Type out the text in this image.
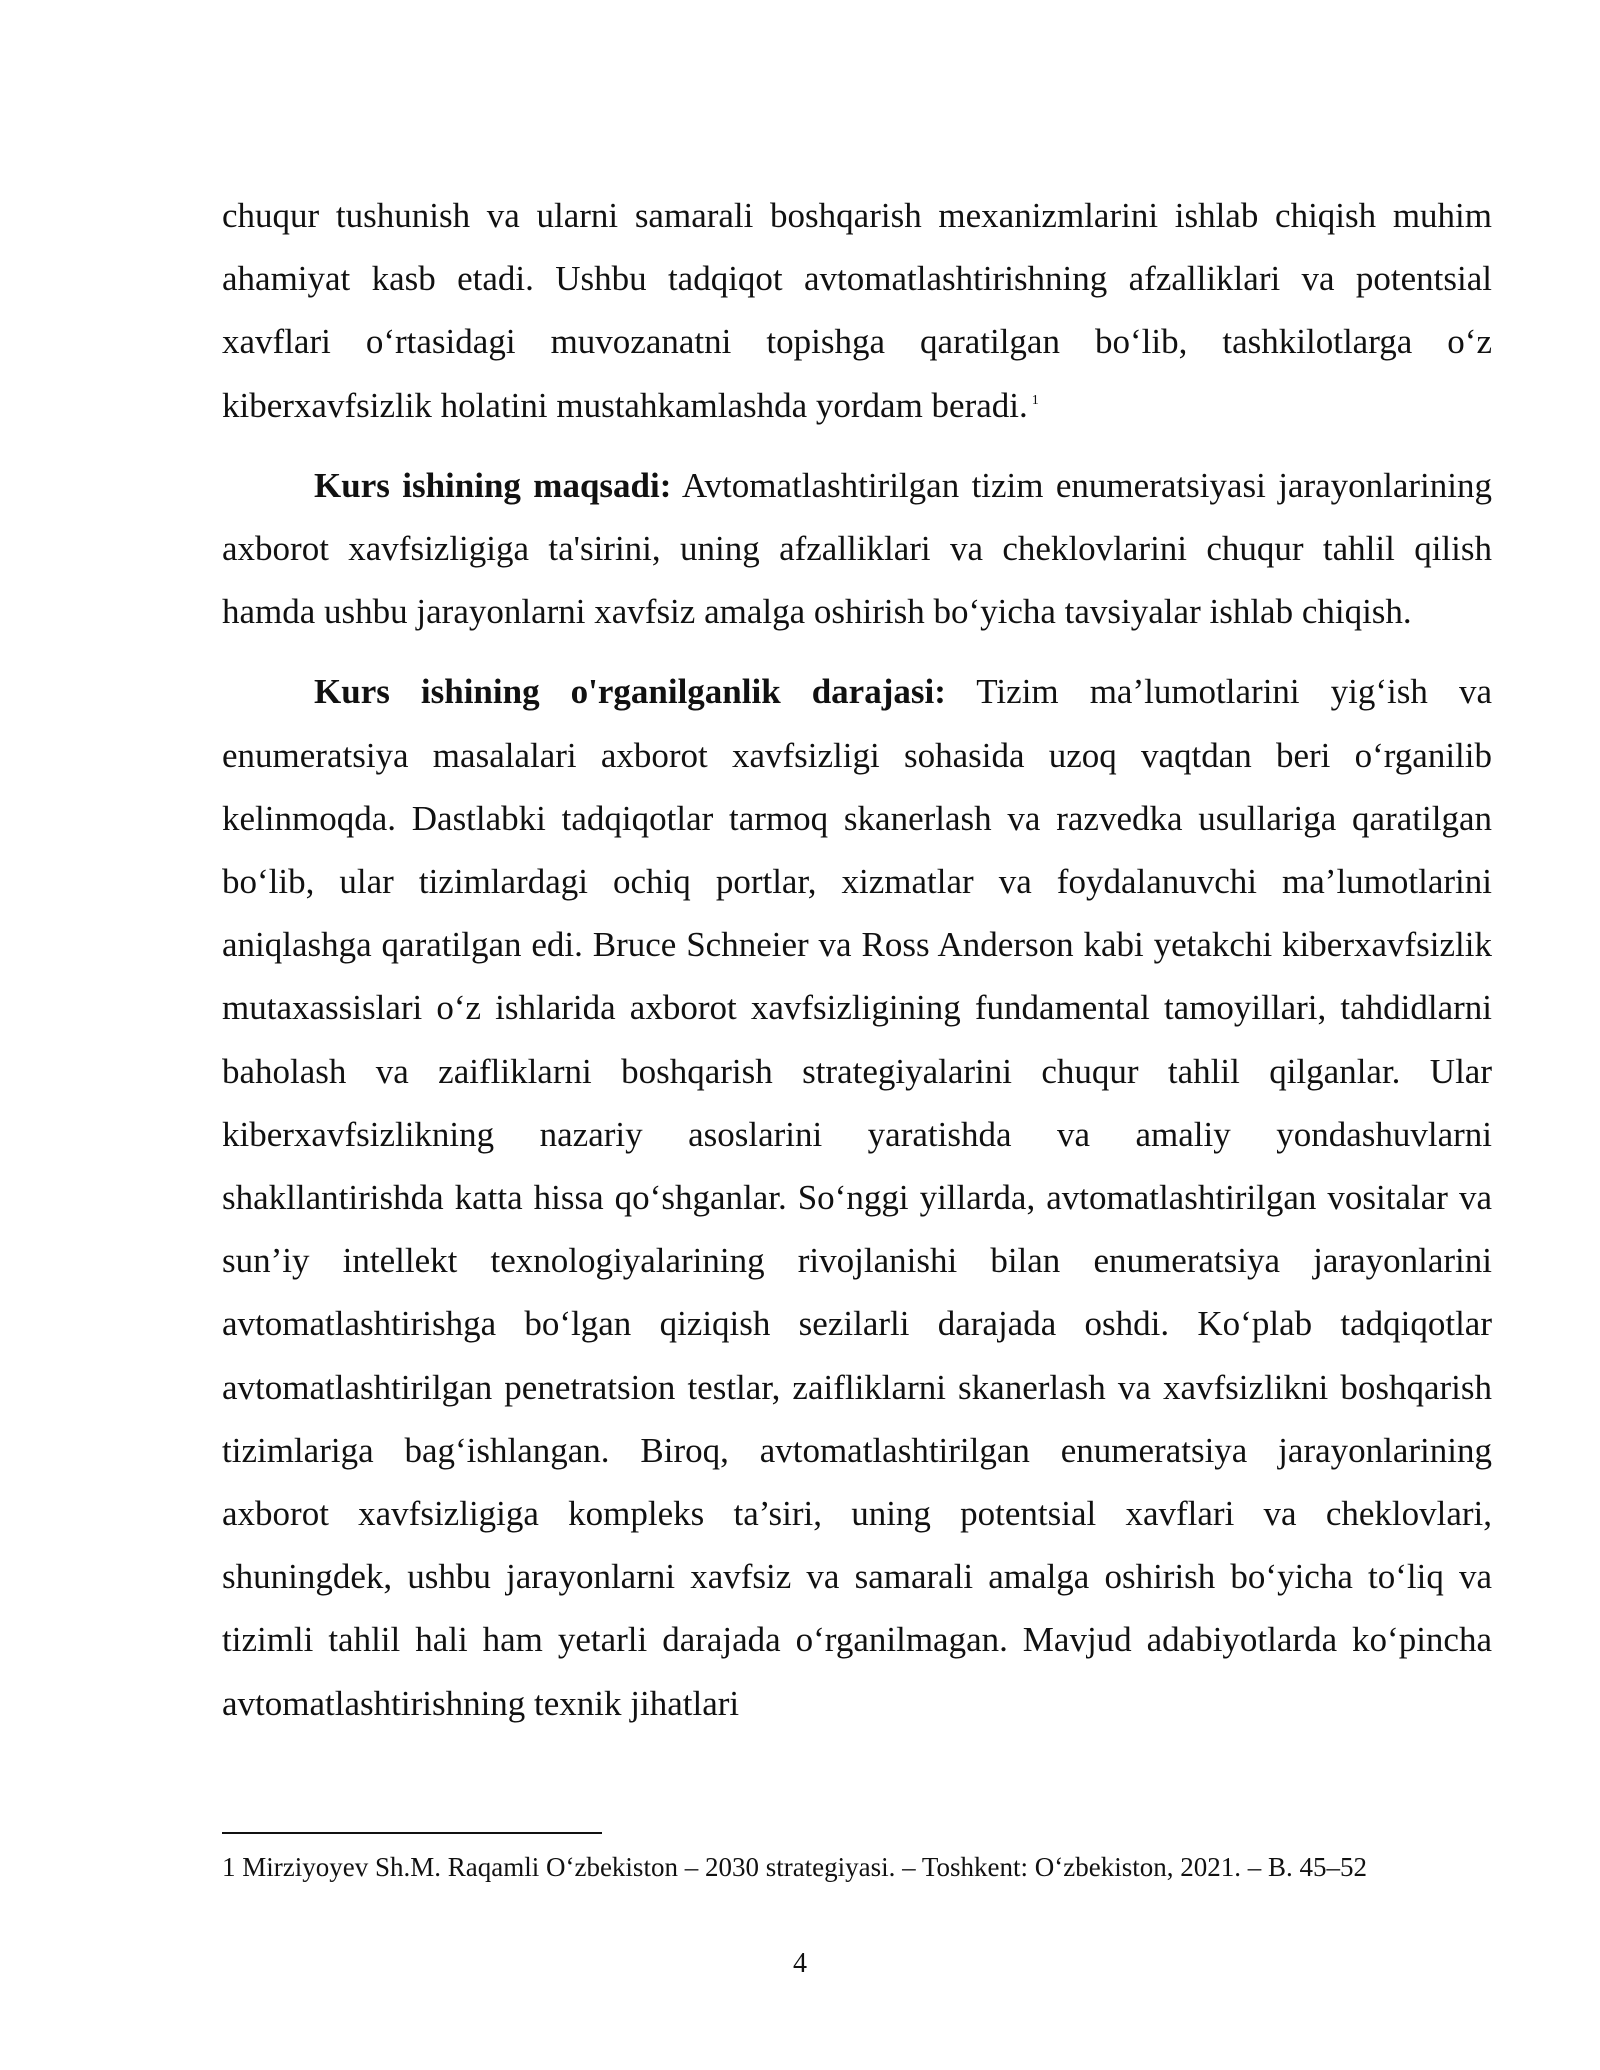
chuqur tushunish va ularni samarali boshqarish mexanizmlarini ishlab chiqish muhim ahamiyat kasb etadi. Ushbu tadqiqot avtomatlashtirishning afzalliklari va potentsial xavflari o‘rtasidagi muvozanatni topishga qaratilgan bo‘lib, tashkilotlarga o‘z kiberxavfsizlik holatini mustahkamlashda yordam beradi. $^1$

Kurs ishining maqsadi: Avtomatlashtirilgan tizim enumeratsiyasi jarayonlarining axborot xavfsizligiga ta'sirini, uning afzalliklari va cheklovlarini chuqur tahlil qilish hamda ushbu jarayonlarni xavfsiz amalga oshirish bo‘yicha tavsiyalar ishlab chiqish.

Kurs ishining o'rganilganlik darajasi: Tizim ma’lumotlarini yig‘ish va enumeratsiya masalalari axborot xavfsizligi sohasida uzoq vaqtdan beri o‘rganilib kelinmoqda. Dastlabki tadqiqotlar tarmoq skanerlash va razvedka usullariga qaratilgan bo‘lib, ular tizimlardagi ochiq portlar, xizmatlar va foydalanuvchi ma’lumotlarini aniqlashga qaratilgan edi. Bruce Schneier va Ross Anderson kabi yetakchi kiberxavfsizlik mutaxassislari o‘z ishlarida axborot xavfsizligining fundamental tamoyillari, tahdidlarni baholash va zaifliklarni boshqarish strategiyalarini chuqur tahlil qilganlar. Ular kiberxavfsizlikning nazariy asoslarini yaratishda va amaliy yondashuvlarni shakllantirishda katta hissa qo‘shganlar. So‘nggi yillarda, avtomatlashtirilgan vositalar va sun’iy intellekt texnologiyalarining rivojlanishi bilan enumeratsiya jarayonlarini avtomatlashtirishga bo‘lgan qiziqish sezilarli darajada oshdi. Ko‘plab tadqiqotlar avtomatlashtirilgan penetratsion testlar, zaifliklarni skanerlash va xavfsizlikni boshqarish tizimlariga bag‘ishlangan. Biroq, avtomatlashtirilgan enumeratsiya jarayonlarining axborot xavfsizligiga kompleks ta’siri, uning potentsial xavflari va cheklovlari, shuningdek, ushbu jarayonlarni xavfsiz va samarali amalga oshirish bo‘yicha to‘liq va tizimli tahlil hali ham yetarli darajada o‘rganilmagan. Mavjud adabiyotlarda ko‘pincha avtomatlashtirishning texnik jihatlari

1 Mirziyoyev Sh.M. Raqamli O‘zbekiston – 2030 strategiyasi. – Toshkent: O‘zbekiston, 2021. – B. 45–52

4
